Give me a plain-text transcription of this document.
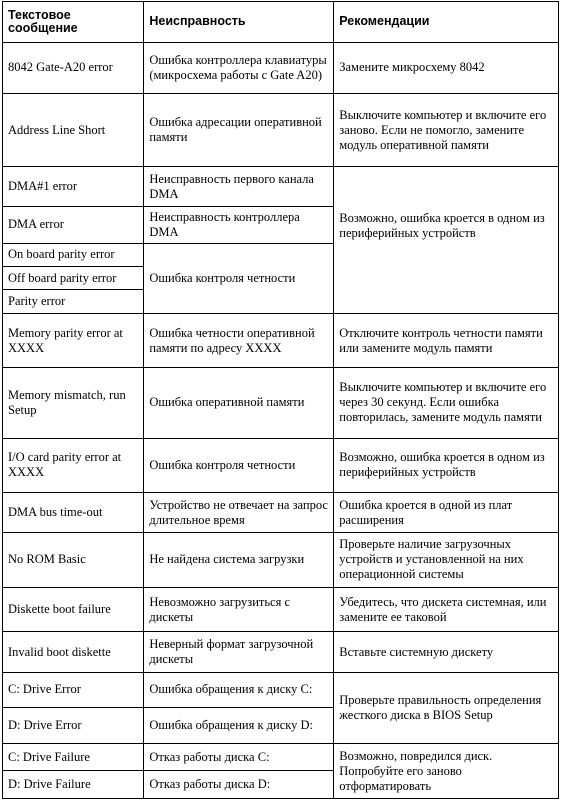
Текстовое сообщение	Неисправность	Рекомендации
8042 Gate-A20 error	Ошибка контроллера клавиатуры (микросхема работы с Gate A20)	Замените микросхему 8042
Address Line Short	Ошибка адресации оперативной памяти	Выключите компьютер и включите его заново. Если не помогло, замените модуль оперативной памяти
DMA#1 error	Неисправность первого канала DMA	Возможно, ошибка кроется в одном из периферийных устройств
DMA error	Неисправность контроллера DMA	
On board parity error	Ошибка контроля четности	
Off board parity error		
Parity error		
Memory parity error at XXXX	Ошибка четности оперативной памяти по адресу XXXX	Отключите контроль четности памяти или замените модуль памяти
Memory mismatch, run Setup	Ошибка оперативной памяти	Выключите компьютер и включите его через 30 секунд. Если ошибка повторилась, замените модуль памяти
I/O card parity error at XXXX	Ошибка контроля четности	Возможно, ошибка кроется в одном из периферийных устройств
DMA bus time-out	Устройство не отвечает на запрос длительное время	Ошибка кроется в одной из плат расширения
No ROM Basic	Не найдена система загрузки	Проверьте наличие загрузочных устройств и установленной на них операционной системы
Diskette boot failure	Невозможно загрузиться с дискеты	Убедитесь, что дискета системная, или замените ее таковой
Invalid boot diskette	Неверный формат загрузочной дискеты	Вставьте системную дискету
C: Drive Error	Ошибка обращения к диску C:	Проверьте правильность определения жесткого диска в BIOS Setup
D: Drive Error	Ошибка обращения к диску D:	
C: Drive Failure	Отказ работы диска C:	Возможно, повредился диск. Попробуйте его заново отформатировать
D: Drive Failure	Отказ работы диска D:	
